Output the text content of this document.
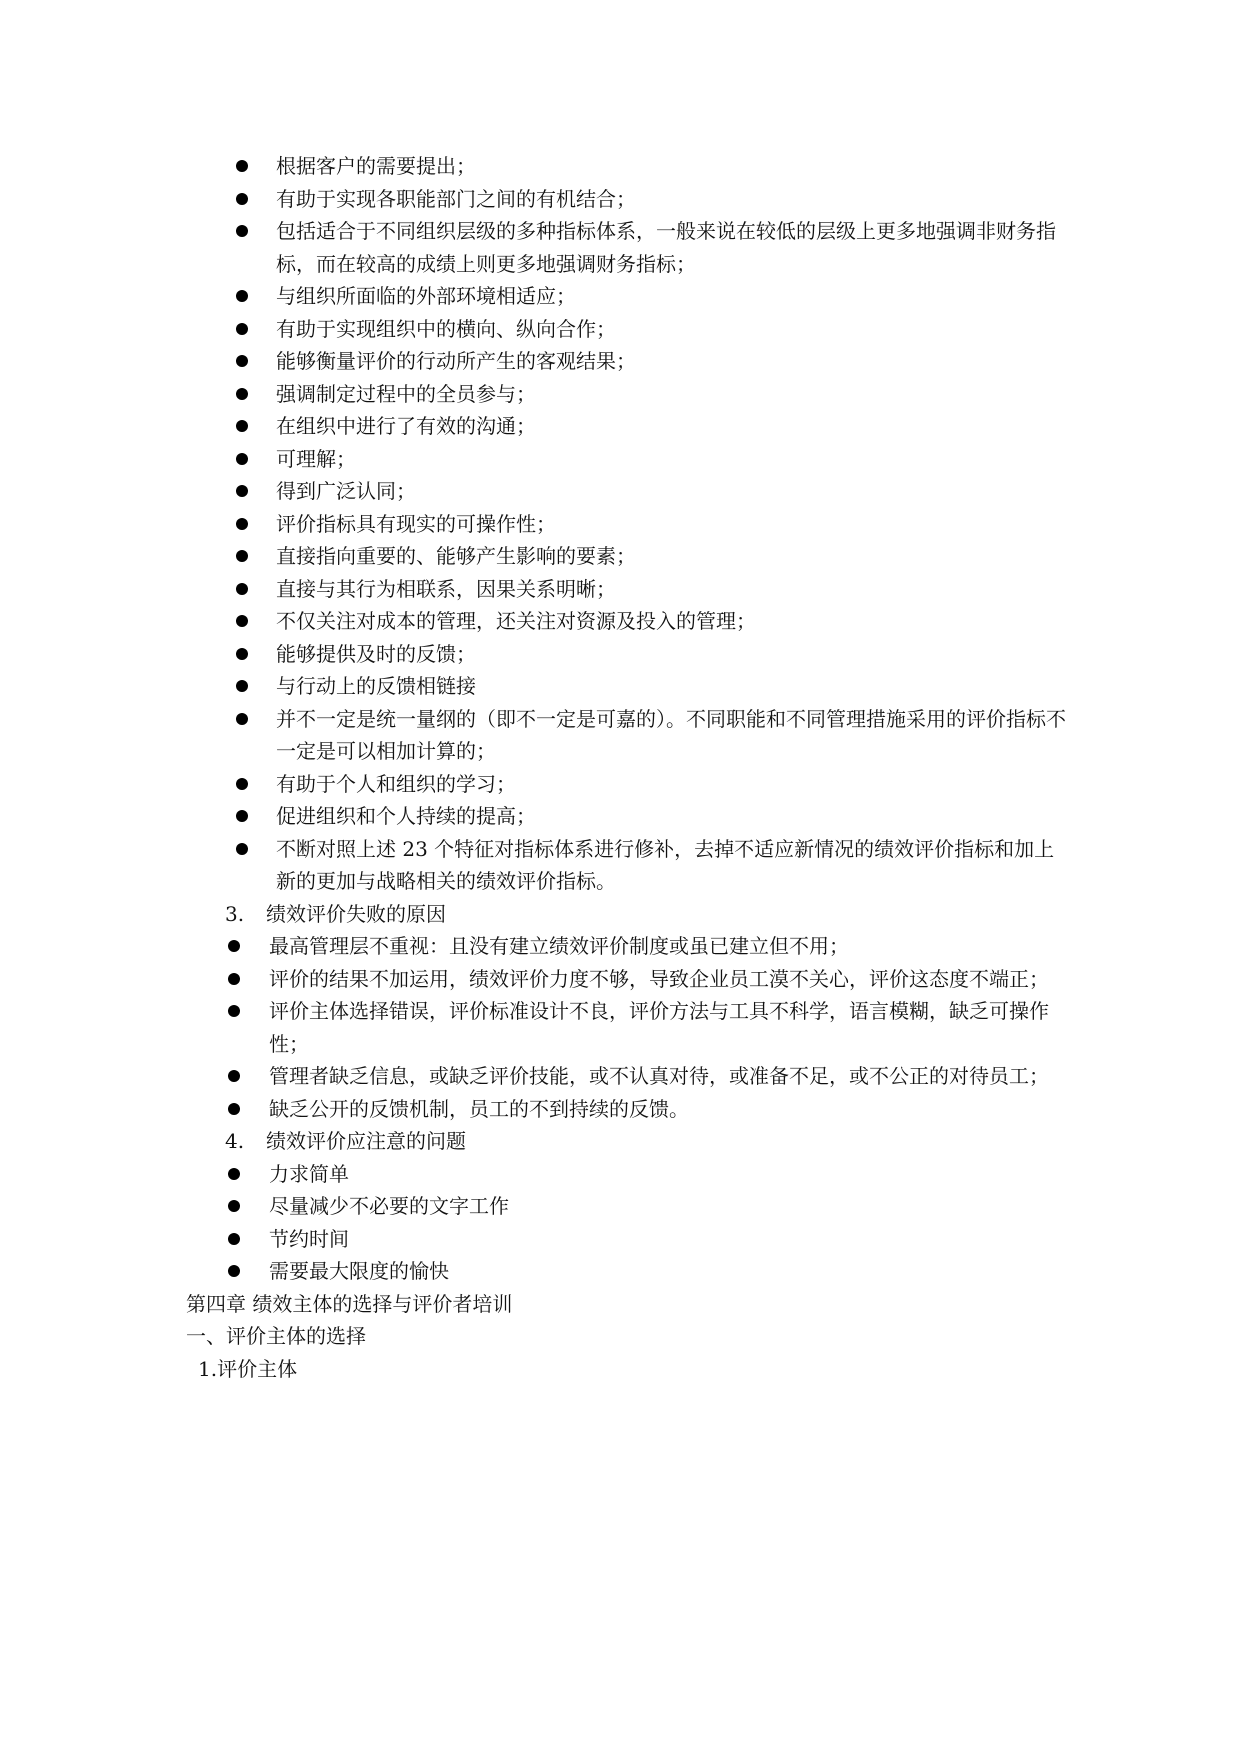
根据客户的需要提出；
有助于实现各职能部门之间的有机结合；
包括适合于不同组织层级的多种指标体系，一般来说在较低的层级上更多地强调非财务指标，而在较高的成绩上则更多地强调财务指标；
与组织所面临的外部环境相适应；
有助于实现组织中的横向、纵向合作；
能够衡量评价的行动所产生的客观结果；
强调制定过程中的全员参与；
在组织中进行了有效的沟通；
可理解；
得到广泛认同；
评价指标具有现实的可操作性；
直接指向重要的、能够产生影响的要素；
直接与其行为相联系，因果关系明晰；
不仅关注对成本的管理，还关注对资源及投入的管理；
能够提供及时的反馈；
与行动上的反馈相链接
并不一定是统一量纲的（即不一定是可嘉的）。不同职能和不同管理措施采用的评价指标不一定是可以相加计算的；
有助于个人和组织的学习；
促进组织和个人持续的提高；
不断对照上述 23 个特征对指标体系进行修补，去掉不适应新情况的绩效评价指标和加上新的更加与战略相关的绩效评价指标。
3. 绩效评价失败的原因
最高管理层不重视：且没有建立绩效评价制度或虽已建立但不用；
评价的结果不加运用，绩效评价力度不够，导致企业员工漠不关心，评价这态度不端正；
评价主体选择错误，评价标准设计不良，评价方法与工具不科学，语言模糊，缺乏可操作性；
管理者缺乏信息，或缺乏评价技能，或不认真对待，或准备不足，或不公正的对待员工；
缺乏公开的反馈机制，员工的不到持续的反馈。
4. 绩效评价应注意的问题
力求简单
尽量减少不必要的文字工作
节约时间
需要最大限度的愉快
第四章 绩效主体的选择与评价者培训
一、评价主体的选择
1.评价主体
